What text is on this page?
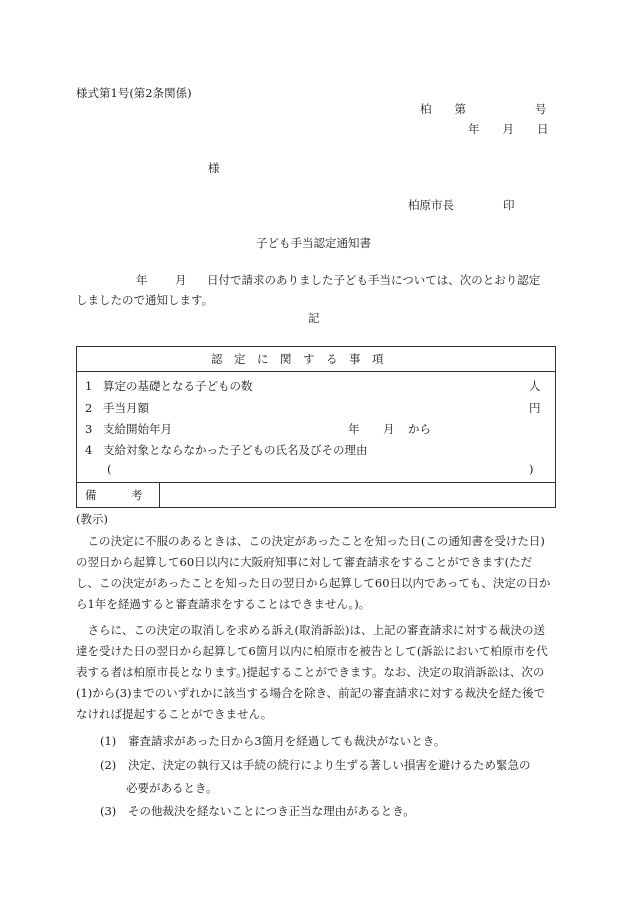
様式第1号(第2条関係)
柏　　第　　　　　　号
年　　月　　日
様
柏原市長	印
子ども手当認定通知書
年 月 日付で請求のありました子ども手当については、次のとおり認定
しましたので通知します。
記
認　定　に　関　す　る　事　項
1 算定の基礎となる子どもの数	人
2 手当月額	円
3 支給開始年月	年 月 から
4 支給対象とならなかった子どもの氏名及びその理由
(	)
備　　　考
(教示)
この決定に不服のあるときは、この決定があったことを知った日(この通知書を受けた日)の翌日から起算して60日以内に大阪府知事に対して審査請求をすることができます(ただし、この決定があったことを知った日の翌日から起算して60日以内であっても、決定の日から1年を経過すると審査請求をすることはできません。)。
さらに、この決定の取消しを求める訴え(取消訴訟)は、上記の審査請求に対する裁決の送達を受けた日の翌日から起算して6箇月以内に柏原市を被告として(訴訟において柏原市を代表する者は柏原市長となります。)提起することができます。なお、決定の取消訴訟は、次の(1)から(3)までのいずれかに該当する場合を除き、前記の審査請求に対する裁決を経た後でなければ提起することができません。
(1) 審査請求があった日から3箇月を経過しても裁決がないとき。
(2) 決定、決定の執行又は手続の続行により生ずる著しい損害を避けるため緊急の
必要があるとき。
(3) その他裁決を経ないことにつき正当な理由があるとき。
